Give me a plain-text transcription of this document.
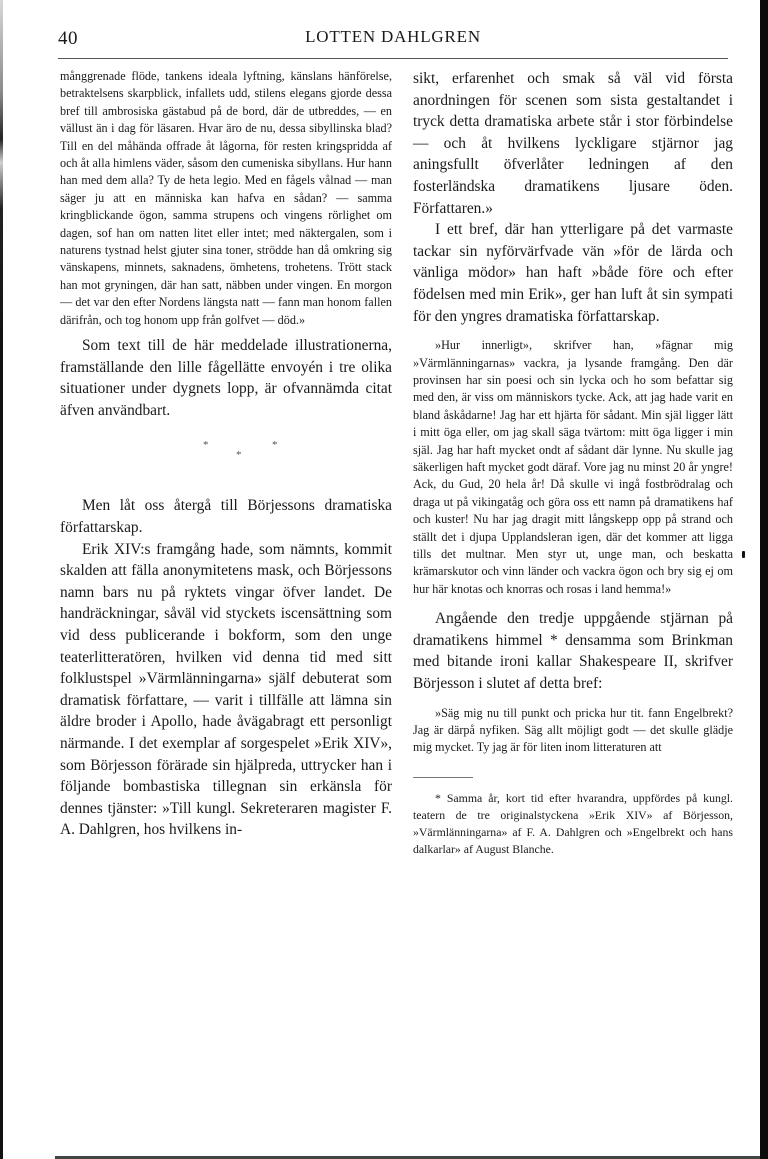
40	LOTTEN DAHLGREN

månggrenade flöde, tankens ideala lyftning, känslans hänförelse, betraktelsens skarpblick, infallets udd, stilens elegans gjorde dessa bref till ambrosiska gästabud på de bord, där de utbreddes, — en vällust än i dag för läsaren. Hvar äro de nu, dessa sibyllinska blad? Till en del måhända offrade åt lågorna, för resten kringspridda af och åt alla himlens väder, såsom den cumeniska sibyllans. Hur hann han med dem alla? Ty de heta legio. Med en fågels vålnad — man säger ju att en människa kan hafva en sådan? — samma kringblickande ögon, samma strupens och vingens rörlighet om dagen, sof han om natten litet eller intet; med näktergalen, som i naturens tystnad helst gjuter sina toner, strödde han då omkring sig vänskapens, minnets, saknadens, ömhetens, trohetens. Trött stack han mot gryningen, där han satt, näbben under vingen. En morgon — det var den efter Nordens längsta natt — fann man honom fallen därifrån, och tog honom upp från golfvet — död.»

Som text till de här meddelade illustrationerna, framställande den lille fågellätte envoyén i tre olika situationer under dygnets lopp, är ofvannämda citat äfven användbart.

*
*
*

Men låt oss återgå till Börjessons dramatiska författarskap.

Erik XIV:s framgång hade, som nämnts, kommit skalden att fälla anonymitetens mask, och Börjessons namn bars nu på ryktets vingar öfver landet. De handräckningar, såväl vid styckets iscensättning som vid dess publicerande i bokform, som den unge teaterlitteratören, hvilken vid denna tid med sitt folklustspel »Värmlänningarna» själf debuterat som dramatisk författare, — varit i tillfälle att lämna sin äldre broder i Apollo, hade åvägabragt ett personligt närmande. I det exemplar af sorgespelet »Erik XIV», som Börjesson förärade sin hjälpreda, uttrycker han i följande bombastiska tillegnan sin erkänsla för dennes tjänster: »Till kungl. Sekreteraren magister F. A. Dahlgren, hos hvilkens in-

sikt, erfarenhet och smak så väl vid första anordningen för scenen som sista gestaltandet i tryck detta dramatiska arbete står i stor förbindelse — och åt hvilkens lyckligare stjärnor jag aningsfullt öfverlåter ledningen af den fosterländska dramatikens ljusare öden. Författaren.»

I ett bref, där han ytterligare på det varmaste tackar sin nyförvärfvade vän »för de lärda och vänliga mödor» han haft »både före och efter födelsen med min Erik», ger han luft åt sin sympati för den yngres dramatiska författarskap.

»Hur innerligt», skrifver han, »fägnar mig »Värmlänningarnas» vackra, ja lysande framgång. Den där provinsen har sin poesi och sin lycka och ho som befattar sig med den, är viss om människors tycke. Ack, att jag hade varit en bland åskådarne! Jag har ett hjärta för sådant. Min själ ligger lätt i mitt öga eller, om jag skall säga tvärtom: mitt öga ligger i min själ. Jag har haft mycket ondt af sådant där lynne. Nu skulle jag säkerligen haft mycket godt däraf. Vore jag nu minst 20 år yngre! Ack, du Gud, 20 hela år! Då skulle vi ingå fostbrödralag och draga ut på vikingatåg och göra oss ett namn på dramatikens haf och kuster! Nu har jag dragit mitt långskepp opp på strand och ställt det i djupa Upplandsleran igen, där det kommer att ligga tills det multnar. Men styr ut, unge man, och beskatta krämarskutor och vinn länder och vackra ögon och bry sig ej om hur här knotas och knorras och rosas i land hemma!»

Angående den tredje uppgående stjärnan på dramatikens himmel * densamma som Brinkman med bitande ironi kallar Shakespeare II, skrifver Börjesson i slutet af detta bref:

»Säg mig nu till punkt och pricka hur tit. fann Engelbrekt? Jag är därpå nyfiken. Säg allt möjligt godt — det skulle glädje mig mycket. Ty jag är för liten inom litteraturen att

* Samma år, kort tid efter hvarandra, uppfördes på kungl. teatern de tre originalstyckena »Erik XIV» af Börjesson, »Värmlänningarna» af F. A. Dahlgren och »Engelbrekt och hans dalkarlar» af August Blanche.
